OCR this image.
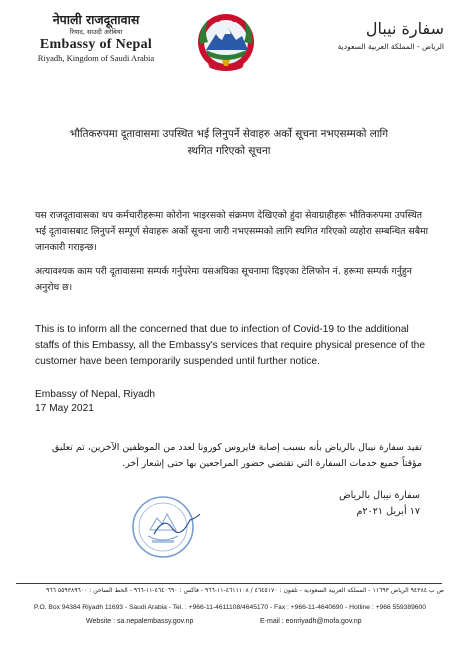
नेपाली राजदूतावास
रियाद, साउदी अरेबिया
Embassy of Nepal
Riyadh, Kingdom of Saudi Arabia
سفارة نيبال
الرياض - المملكة العربية السعودية
भौतिकरुपमा दूतावासमा उपस्थित भई लिनुपर्ने सेवाहरु अर्को सूचना नभएसम्मको लागि
स्थगित गरिएको सूचना
यस राजदूतावासका थप कर्मचारीहरूमा कोरोना भाइरसको संक्रमण देखिएको हुंदा सेवाग्राहीहरू भौतिकरुपमा उपस्थित भई दूतावासबाट लिनुपर्ने सम्पूर्ण सेवाहरू अर्को सूचना जारी नभएसम्मको लागि स्थगित गरिएको व्यहोरा सम्बन्धित सबैमा जानकारी गराइन्छ।
अत्यावश्यक काम परी दूतावासमा सम्पर्क गर्नुपरेमा यसअघिका सूचनामा दिइएका टेलिफोन नं. हरूमा सम्पर्क गर्नुहुन अनुरोध छ।
This is to inform all the concerned that due to infection of Covid-19 to the additional staffs of this Embassy, all the Embassy's services that require physical presence of the customer have been temporarily suspended until further notice.
Embassy of Nepal, Riyadh
17 May 2021
تفيد سفارة نيبال بالرياض بأنه بسبب إصابة فايروس كورونا لعدد من الموظفين الآخرين، تم تعليق مؤقتاً جميع خدمات السفارة التي تقتضي حضور المراجعين بها حتى إشعار آخر.
سفارة نيبال بالرياض
١٧ أبريل ٢٠٢١م
ص ب ٩٤٣٨٤ الرياض ١١٦٩٣ - المملكة العربية السعودية - تلفون : ٤٦٤٥١٧٠ / ٤٦١١١٠٨-١١-٩٦٦ - فاكس : ٤٦٤٠٦٩٠-١١-٩٦٦ - الخط الساخن : ٥٥٩٣٨٩٦٠٠ ٩٦٦
P.O. Box 94384 Riyadh 11693 - Saudi Arabia - Tel. : +966-11-4611108/4645170 - Fax : +966-11-4640690 - Hotline : +966 559389600
Website : sa.nepalembassy.gov.np	E-mail : eonriyadh@mofa.gov.np
